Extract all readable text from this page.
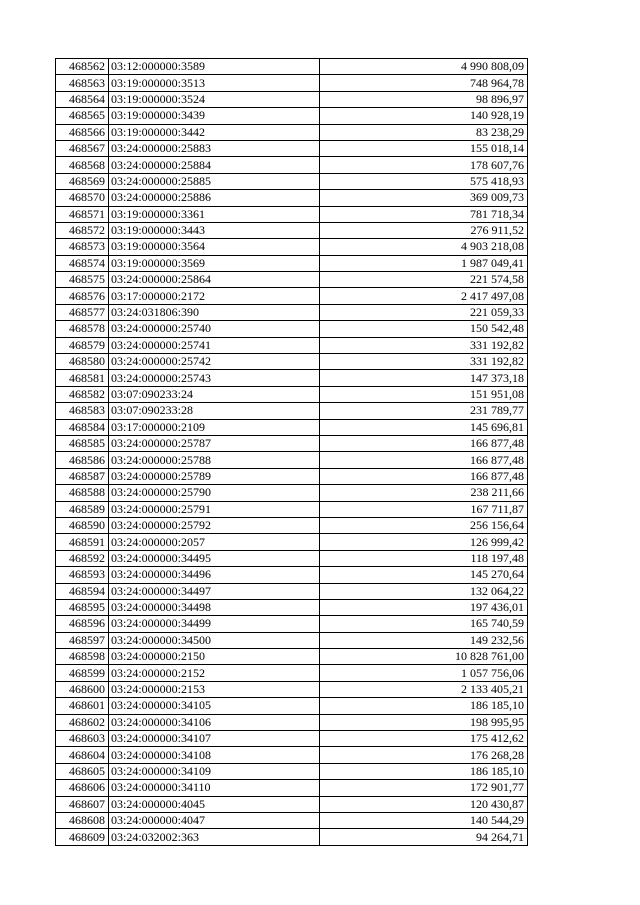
468562	03:12:000000:3589	4 990 808,09
468563	03:19:000000:3513	748 964,78
468564	03:19:000000:3524	98 896,97
468565	03:19:000000:3439	140 928,19
468566	03:19:000000:3442	83 238,29
468567	03:24:000000:25883	155 018,14
468568	03:24:000000:25884	178 607,76
468569	03:24:000000:25885	575 418,93
468570	03:24:000000:25886	369 009,73
468571	03:19:000000:3361	781 718,34
468572	03:19:000000:3443	276 911,52
468573	03:19:000000:3564	4 903 218,08
468574	03:19:000000:3569	1 987 049,41
468575	03:24:000000:25864	221 574,58
468576	03:17:000000:2172	2 417 497,08
468577	03:24:031806:390	221 059,33
468578	03:24:000000:25740	150 542,48
468579	03:24:000000:25741	331 192,82
468580	03:24:000000:25742	331 192,82
468581	03:24:000000:25743	147 373,18
468582	03:07:090233:24	151 951,08
468583	03:07:090233:28	231 789,77
468584	03:17:000000:2109	145 696,81
468585	03:24:000000:25787	166 877,48
468586	03:24:000000:25788	166 877,48
468587	03:24:000000:25789	166 877,48
468588	03:24:000000:25790	238 211,66
468589	03:24:000000:25791	167 711,87
468590	03:24:000000:25792	256 156,64
468591	03:24:000000:2057	126 999,42
468592	03:24:000000:34495	118 197,48
468593	03:24:000000:34496	145 270,64
468594	03:24:000000:34497	132 064,22
468595	03:24:000000:34498	197 436,01
468596	03:24:000000:34499	165 740,59
468597	03:24:000000:34500	149 232,56
468598	03:24:000000:2150	10 828 761,00
468599	03:24:000000:2152	1 057 756,06
468600	03:24:000000:2153	2 133 405,21
468601	03:24:000000:34105	186 185,10
468602	03:24:000000:34106	198 995,95
468603	03:24:000000:34107	175 412,62
468604	03:24:000000:34108	176 268,28
468605	03:24:000000:34109	186 185,10
468606	03:24:000000:34110	172 901,77
468607	03:24:000000:4045	120 430,87
468608	03:24:000000:4047	140 544,29
468609	03:24:032002:363	94 264,71
